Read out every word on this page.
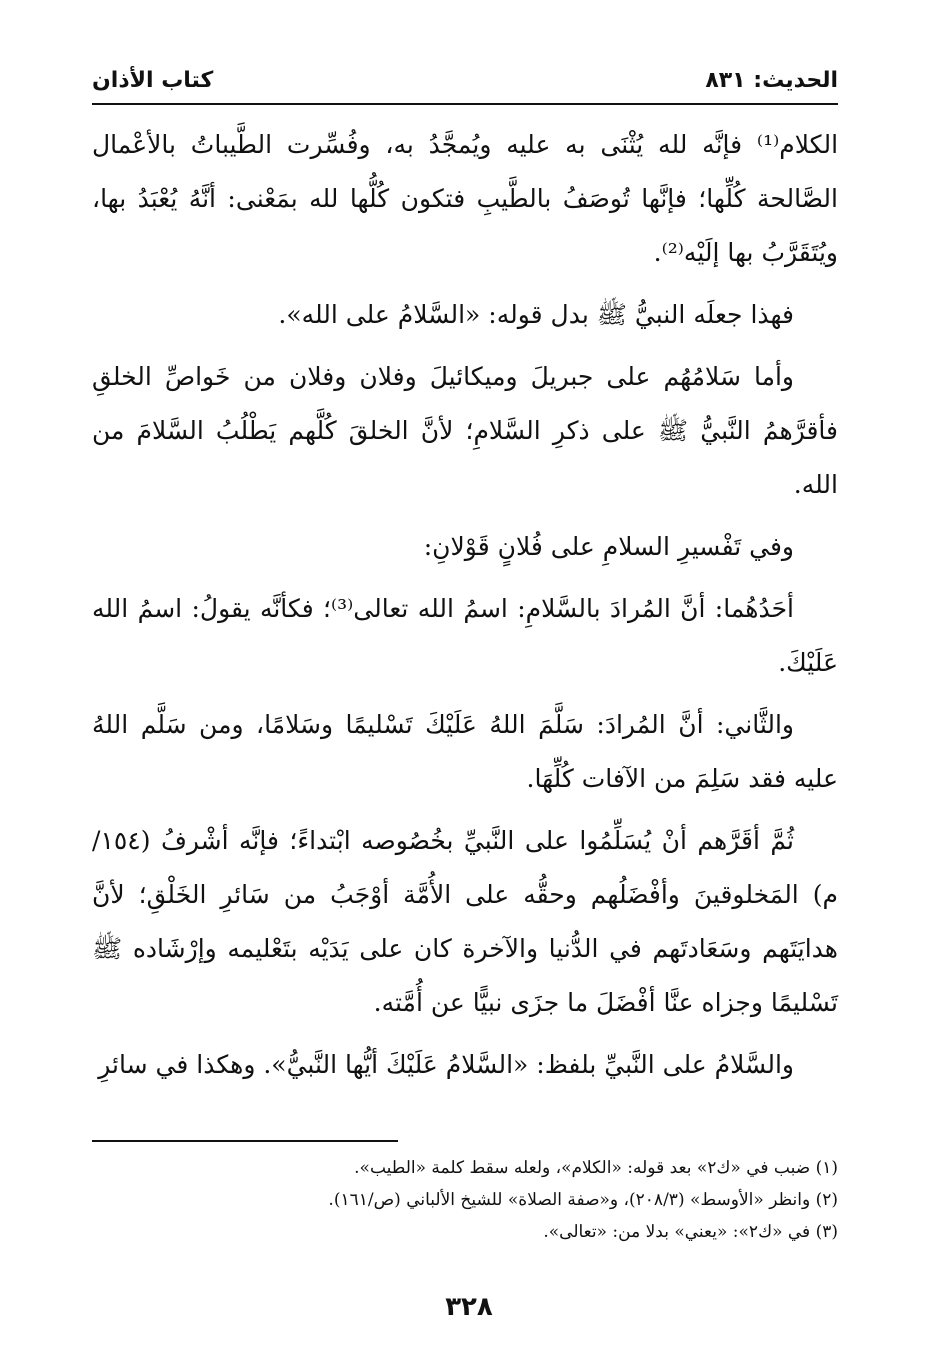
الحديث: ٨٣١
كتاب الأذان

الكلام⁽¹⁾ فإنَّه لله يُثْنَى به عليه ويُمجَّدُ به، وفُسِّرت الطَّيباتُ بالأعْمال الصَّالحة كُلِّها؛ فإنَّها تُوصَفُ بالطَّيبِ فتكون كُلُّها لله بمَعْنى: أنَّهُ يُعْبَدُ بها، ويُتَقَرَّبُ بها إلَيْه⁽²⁾.

فهذا جعلَه النبيُّ ﷺ بدل قوله: «السَّلامُ على الله».

وأما سَلامُهُم على جبريلَ وميكائيلَ وفلان وفلان من خَواصِّ الخلقِ فأقرَّهمُ النَّبيُّ ﷺ على ذكرِ السَّلامِ؛ لأنَّ الخلقَ كُلَّهم يَطْلُبُ السَّلامَ من الله.

وفي تَفْسيرِ السلامِ على فُلانٍ قَوْلانِ:

أحَدُهُما: أنَّ المُرادَ بالسَّلامِ: اسمُ الله تعالى⁽³⁾؛ فكأنَّه يقولُ: اسمُ الله عَلَيْكَ.

والثَّاني: أنَّ المُرادَ: سَلَّمَ اللهُ عَلَيْكَ تَسْليمًا وسَلامًا، ومن سَلَّم اللهُ عليه فقد سَلِمَ من الآفات كُلِّهَا.

ثُمَّ أقَرَّهم أنْ يُسَلِّمُوا على النَّبيِّ بخُصُوصه ابْتداءً؛ فإنَّه أشْرفُ (١٥٤/م) المَخلوقينَ وأفْضَلُهم وحقُّه على الأُمَّة أوْجَبُ من سَائرِ الخَلْقِ؛ لأنَّ هدايَتَهم وسَعَادتَهم في الدُّنيا والآخرة كان على يَدَيْه بتَعْليمه وإرْشَاده ﷺ تَسْليمًا وجزاه عنَّا أفْضَلَ ما جزَى نبيًّا عن أُمَّته.

والسَّلامُ على النَّبيِّ بلفظ: «السَّلامُ عَلَيْكَ أيُّها النَّبيُّ». وهكذا في سائرِ

(١) ضبب في «ك٢» بعد قوله: «الكلام»، ولعله سقط كلمة «الطيب».
(٢) وانظر «الأوسط» (٢٠٨/٣)، و«صفة الصلاة» للشيخ الألباني (ص/١٦١).
(٣) في «ك٢»: «يعني» بدلا من: «تعالى».
٣٢٨
